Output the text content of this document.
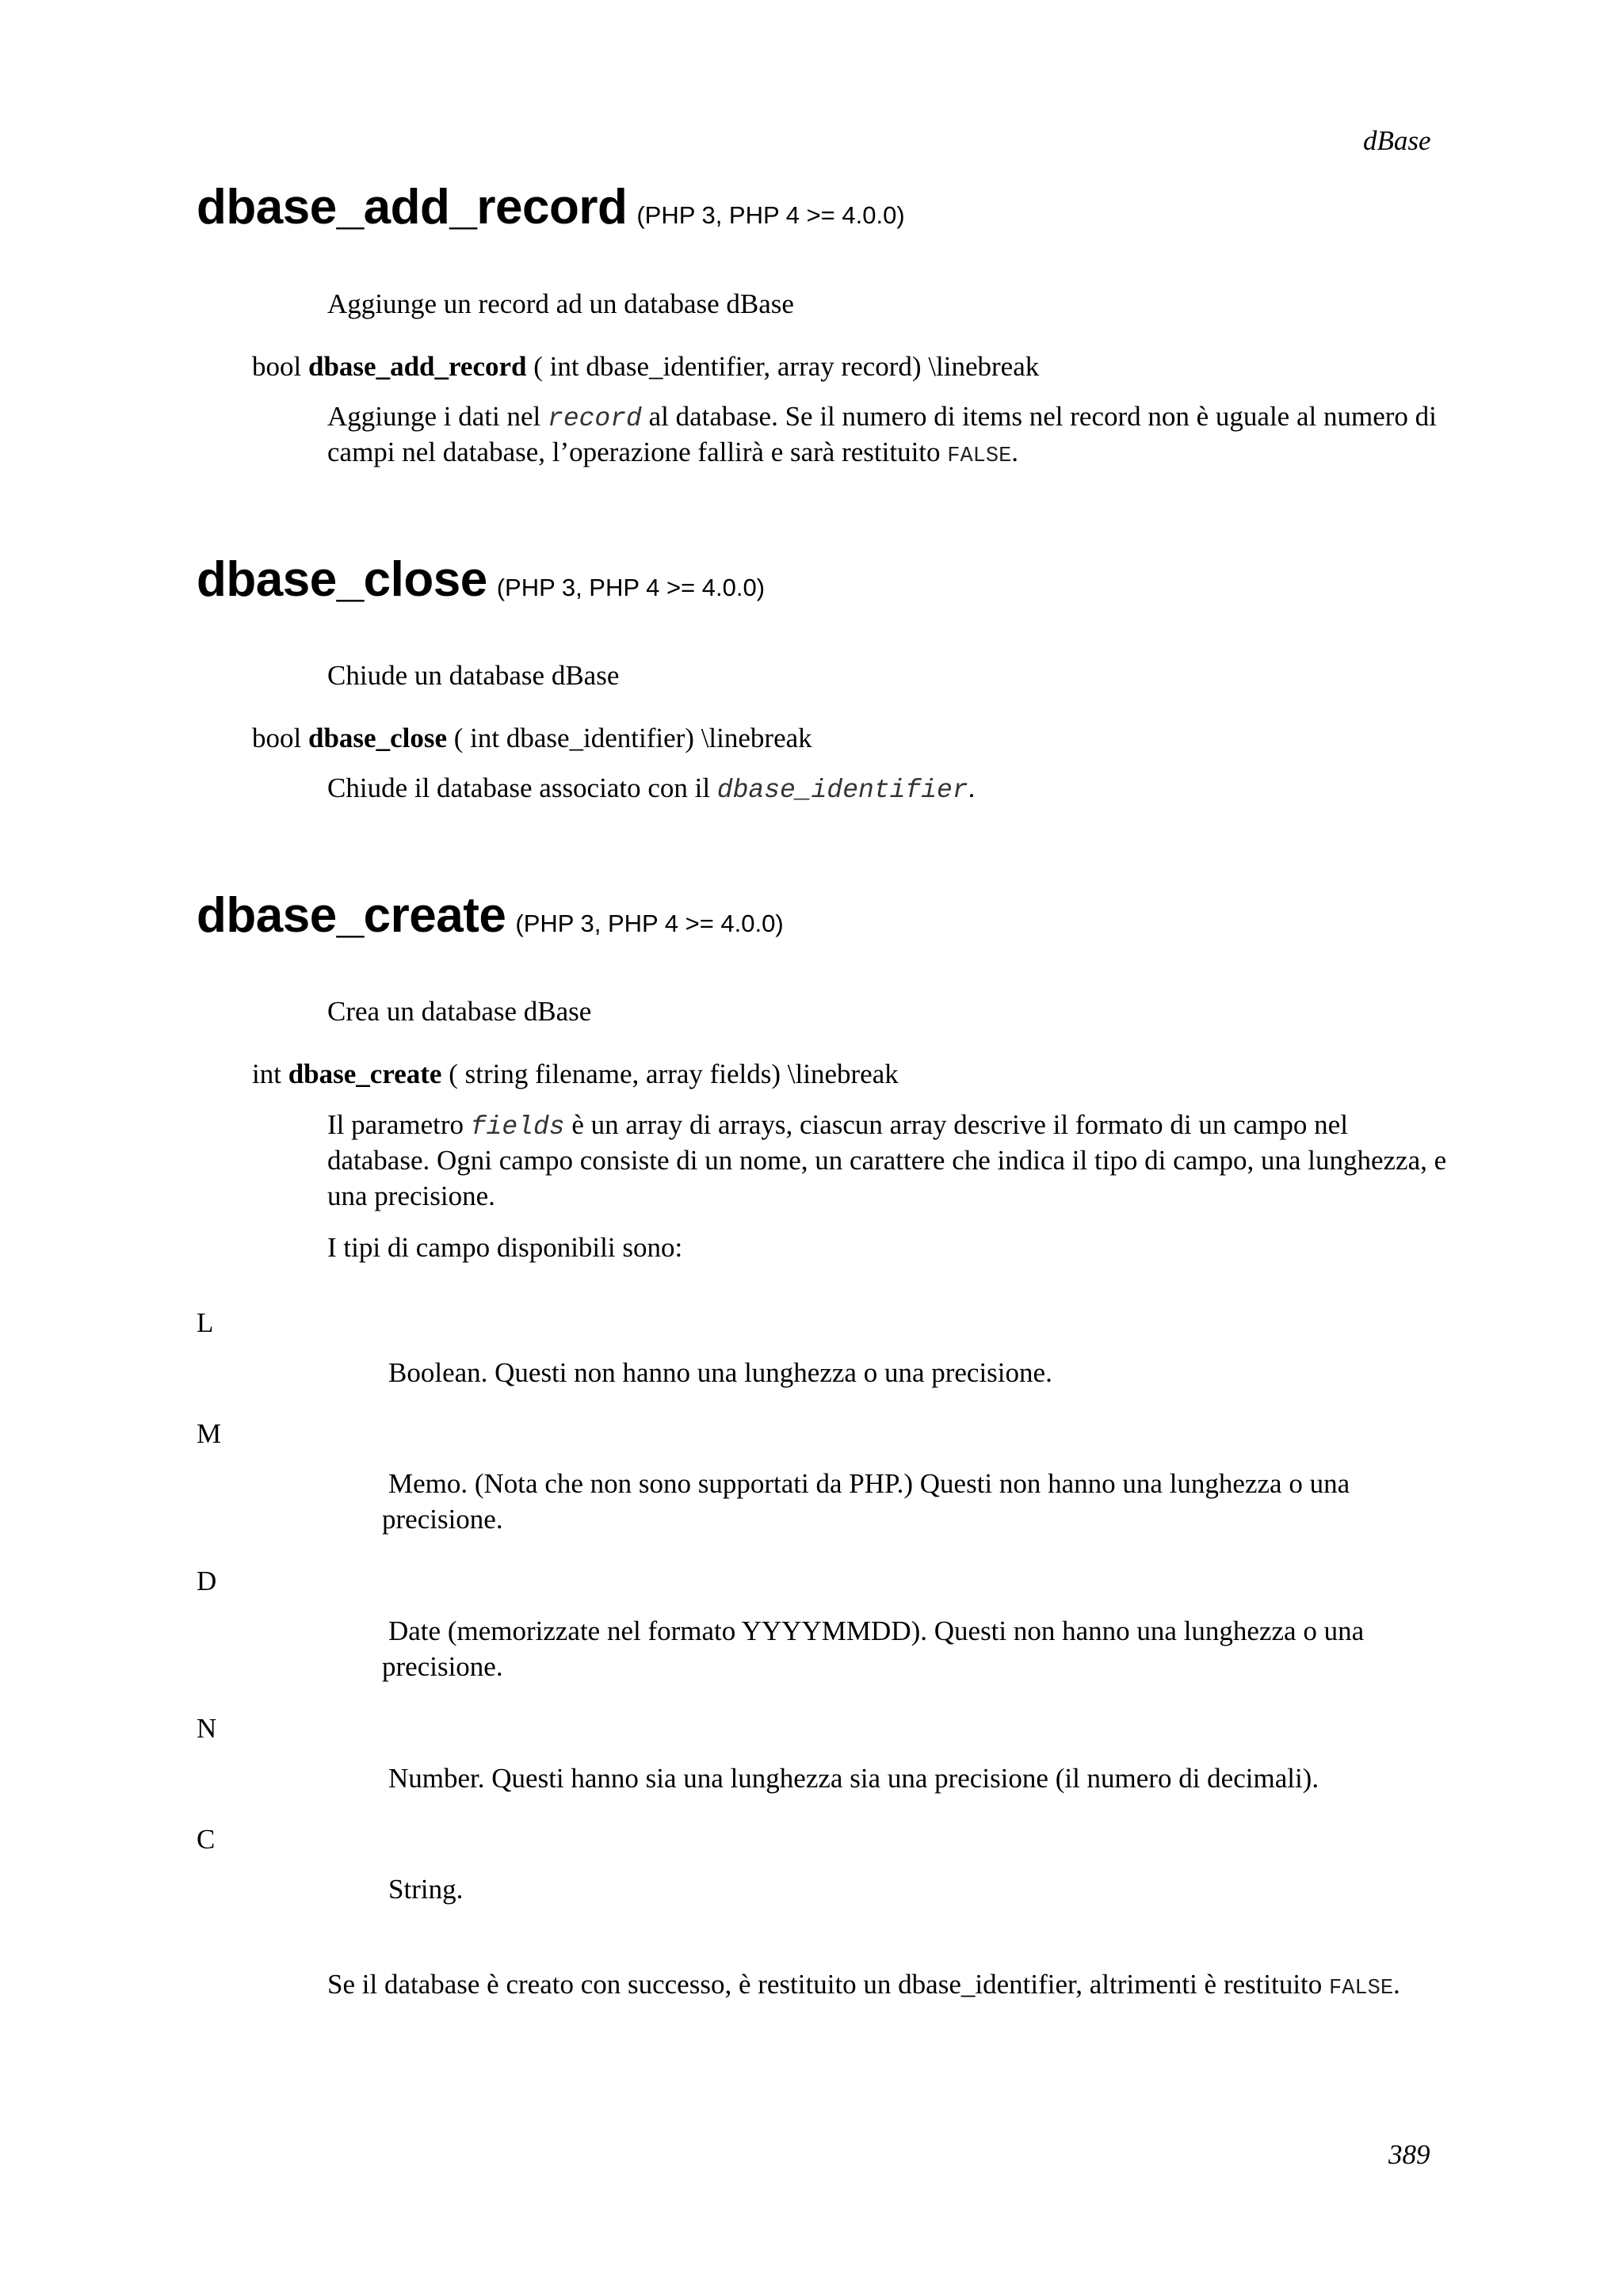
dBase
dbase_add_record (PHP 3, PHP 4 >= 4.0.0)
Aggiunge un record ad un database dBase
bool dbase_add_record ( int dbase_identifier, array record) \linebreak
Aggiunge i dati nel record al database. Se il numero di items nel record non è uguale al numero di
campi nel database, l’operazione fallirà e sarà restituito FALSE.
dbase_close (PHP 3, PHP 4 >= 4.0.0)
Chiude un database dBase
bool dbase_close ( int dbase_identifier) \linebreak
Chiude il database associato con il dbase_identifier.
dbase_create (PHP 3, PHP 4 >= 4.0.0)
Crea un database dBase
int dbase_create ( string filename, array fields) \linebreak
Il parametro fields è un array di arrays, ciascun array descrive il formato di un campo nel
database. Ogni campo consiste di un nome, un carattere che indica il tipo di campo, una lunghezza, e
una precisione.
I tipi di campo disponibili sono:
L
Boolean. Questi non hanno una lunghezza o una precisione.
M
Memo. (Nota che non sono supportati da PHP.) Questi non hanno una lunghezza o una
precisione.
D
Date (memorizzate nel formato YYYYMMDD). Questi non hanno una lunghezza o una
precisione.
N
Number. Questi hanno sia una lunghezza sia una precisione (il numero di decimali).
C
String.
Se il database è creato con successo, è restituito un dbase_identifier, altrimenti è restituito FALSE.
389
